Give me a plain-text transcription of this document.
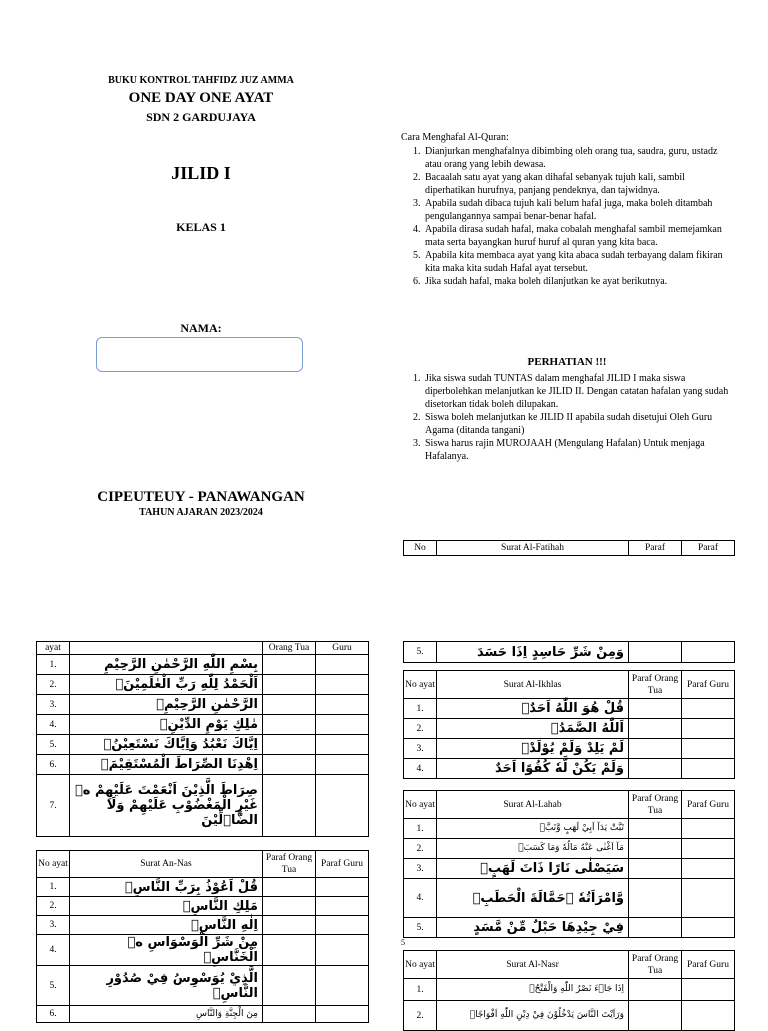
BUKU KONTROL TAHFIDZ JUZ AMMA
ONE DAY ONE AYAT
SDN 2 GARDUJAYA
JILID I
KELAS 1
NAMA:
CIPEUTEUY - PANAWANGAN
TAHUN AJARAN 2023/2024
Cara Menghafal Al-Quran:
1. Dianjurkan menghafalnya dibimbing oleh orang tua, saudra, guru, ustadz atau orang yang lebih dewasa.
2. Bacaalah satu ayat yang akan dihafal sebanyak tujuh kali, sambil diperhatikan hurufnya, panjang pendeknya, dan tajwidnya.
3. Apabila sudah dibaca tujuh kali belum hafal juga, maka boleh ditambah pengulangannya sampai benar-benar hafal.
4. Apabila dirasa sudah hafal, maka cobalah menghafal sambil memejamkan mata serta bayangkan huruf huruf al quran yang kita baca.
5. Apabila kita membaca ayat yang kita abaca sudah terbayang dalam fikiran kita maka kita sudah Hafal ayat tersebut.
6. Jika sudah hafal, maka boleh dilanjutkan ke ayat berikutnya.
PERHATIAN !!!
1. Jika siswa sudah TUNTAS dalam menghafal JILID I maka siswa diperbolehkan melanjutkan ke JILID II. Dengan catatan hafalan yang sudah disetorkan tidak boleh dilupakan.
2. Siswa boleh melanjutkan ke JILID II apabila sudah disetujui Oleh Guru Agama (ditanda tangani)
3. Siswa harus rajin MUROJAAH (Mengulang Hafalan) Untuk menjaga Hafalanya.
No	Surat Al-Fatihah	Paraf	Paraf
ayat		Orang Tua	Guru
1.	بِسْمِ اللّٰهِ الرَّحْمٰنِ الرَّحِيْمِ		
2.	اَلْحَمْدُ لِلّٰهِ رَبِّ الْعٰلَمِيْنَۙ		
3.	الرَّحْمٰنِ الرَّحِيْمِۙ		
4.	مٰلِكِ يَوْمِ الدِّيْنِۗ		
5.	اِيَّاكَ نَعْبُدُ وَاِيَّاكَ نَسْتَعِيْنُۗ		
6.	اِهْدِنَا الصِّرَاطَ الْمُسْتَقِيْمَۙ		
7.	صِرَاطَ الَّذِيْنَ اَنْعَمْتَ عَلَيْهِمْ ەۙ غَيْرِ الْمَغْضُوْبِ عَلَيْهِمْ وَلَا الضَّاۤلِّيْنَ		
No ayat	Surat An-Nas	Paraf Orang Tua	Paraf Guru
1.	قُلْ اَعُوْذُ بِرَبِّ النَّاسِۙ		
2.	مَلِكِ النَّاسِۙ		
3.	اِلٰهِ النَّاسِۙ		
4.	مِنْ شَرِّ الْوَسْوَاسِ ەۙ الْخَنَّاسِۖ		
5.	الَّذِيْ يُوَسْوِسُ فِيْ صُدُوْرِ النَّاسِۙ		
6.	مِنَ الْجِنَّةِ وَالنَّاسِ		
5.	وَمِنْ شَرِّ حَاسِدٍ اِذَا حَسَدَ		
No ayat	Surat Al-Ikhlas	Paraf Orang Tua	Paraf Guru
1.	قُلْ هُوَ اللّٰهُ اَحَدٌۚ		
2.	اَللّٰهُ الصَّمَدُۚ		
3.	لَمْ يَلِدْ وَلَمْ يُوْلَدْۙ		
4.	وَلَمْ يَكُنْ لَّهٗ كُفُوًا اَحَدٌ		
No ayat	Surat Al-Lahab	Paraf Orang Tua	Paraf Guru
1.	تَبَّتْ يَدَآ اَبِيْ لَهَبٍ وَّتَبَّۗ		
2.	مَآ اَغْنٰى عَنْهُ مَالُهٗ وَمَا كَسَبَۗ		
3.	سَيَصْلٰى نَارًا ذَاتَ لَهَبٍۙ		
4.	وَّامْرَاَتُهٗ ۗحَمَّالَةَ الْحَطَبِۚ		
5.	فِيْ جِيْدِهَا حَبْلٌ مِّنْ مَّسَدٍ		
5
No ayat	Surat Al-Nasr	Paraf Orang Tua	Paraf Guru
1.	اِذَا جَاۤءَ نَصْرُ اللّٰهِ وَالْفَتْحُۙ		
2.	وَرَاَيْتَ النَّاسَ يَدْخُلُوْنَ فِيْ دِيْنِ اللّٰهِ اَفْوَاجًاۙ		
